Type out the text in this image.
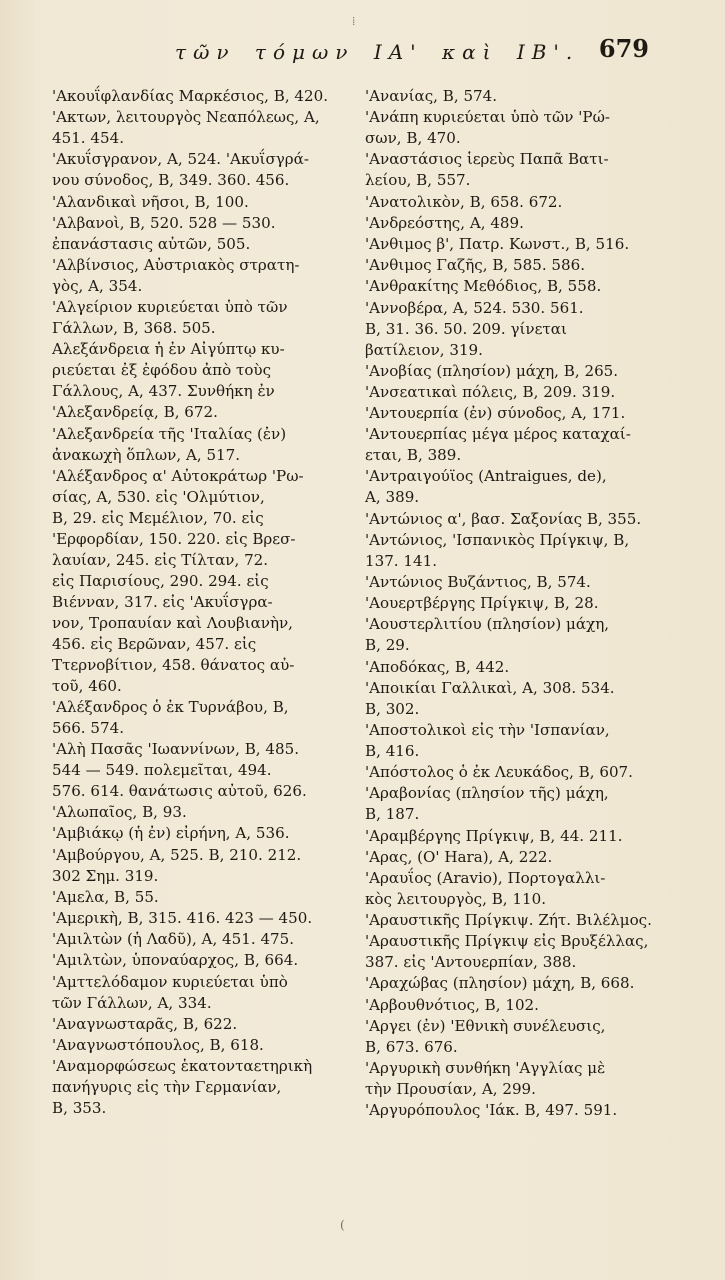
τῶν τόμων ΙΑ' καὶ ΙΒ'. 679
'Ακουΐφλανδίας Μαρκέσιος, Β, 420.
'Ακτων, λειτουργὸς Νεαπόλεως, Α,
451. 454.
'Ακυΐσγρανον, Α, 524. 'Ακυΐσγρά-
νου σύνοδος, Β, 349. 360. 456.
'Αλανδικαὶ νῆσοι, Β, 100.
'Αλβανοὶ, Β, 520. 528 — 530.
ἐπανάστασις αὐτῶν, 505.
'Αλβίνσιος, Αὐστριακὸς στρατη-
γὸς, Α, 354.
'Αλγείριον κυριεύεται ὑπὸ τῶν
Γάλλων, Β, 368. 505.
Αλεξάνδρεια ἡ ἐν Αἰγύπτῳ κυ-
ριεύεται ἐξ ἐφόδου ἀπὸ τοὺς
Γάλλους, Α, 437. Συνθήκη ἐν
'Αλεξανδρείᾳ, Β, 672.
'Αλεξανδρεία τῆς 'Ιταλίας (ἐν)
ἀνακωχὴ ὅπλων, Α, 517.
'Αλέξανδρος α' Αὐτοκράτωρ 'Ρω-
σίας, Α, 530. εἰς 'Ολμύτιον,
Β, 29. εἰς Μεμέλιον, 70. εἰς
'Ερφορδίαν, 150. 220. εἰς Βρεσ-
λαυίαν, 245. εἰς Τίλταν, 72.
εἰς Παρισίους, 290. 294. εἰς
Βιένναν, 317. εἰς 'Ακυΐσγρα-
νον, Τροπαυίαν καὶ Λουβιανὴν,
456. εἰς Βερῶναν, 457. εἰς
Ττερνοβίτιον, 458. θάνατος αὐ-
τοῦ, 460.
'Αλέξανδρος ὁ ἐκ Τυρνάβου, Β,
566. 574.
'Αλὴ Πασᾶς 'Ιωαννίνων, Β, 485.
544 — 549. πολεμεῖται, 494.
576. 614. θανάτωσις αὐτοῦ, 626.
'Αλωπαῖος, Β, 93.
'Αμβιάκῳ (ἡ ἐν) εἰρήνη, Α, 536.
'Αμβούργου, Α, 525. Β, 210. 212.
302 Σημ. 319.
'Αμελα, Β, 55.
'Αμερικὴ, Β, 315. 416. 423 — 450.
'Αμιλτὼν (ἡ Λαδῦ), Α, 451. 475.
'Αμιλτὼν, ὑποναύαρχος, Β, 664.
'Αμττελόδαμον κυριεύεται ὑπὸ
τῶν Γάλλων, Α, 334.
'Αναγνωσταρᾶς, Β, 622.
'Αναγνωστόπουλος, Β, 618.
'Αναμορφώσεως ἑκατονταετηρικὴ
πανήγυρις εἰς τὴν Γερμανίαν,
Β, 353.
'Ανανίας, Β, 574.
'Ανάπη κυριεύεται ὑπὸ τῶν 'Ρώ-
σων, Β, 470.
'Αναστάσιος ἱερεὺς Παπᾶ Βατι-
λείου, Β, 557.
'Ανατολικὸν, Β, 658. 672.
'Ανδρεόστης, Α, 489.
'Ανθιμος β', Πατρ. Κωνστ., Β, 516.
'Ανθιμος Γαζῆς, Β, 585. 586.
'Ανθρακίτης Μεθόδιος, Β, 558.
'Αννοβέρα, Α, 524. 530. 561.
Β, 31. 36. 50. 209. γίνεται
βατίλειον, 319.
'Ανοβίας (πλησίον) μάχη, Β, 265.
'Ανσεατικαὶ πόλεις, Β, 209. 319.
'Αντουερπία (ἐν) σύνοδος, Α, 171.
'Αντουερπίας μέγα μέρος καταχαί-
εται, Β, 389.
'Αντραιγούϊος (Antraigues, de),
Α, 389.
'Αντώνιος α', βασ. Σαξονίας Β, 355.
'Αντώνιος, 'Ισπανικὸς Πρίγκιψ, Β,
137. 141.
'Αντώνιος Βυζάντιος, Β, 574.
'Αουερτβέργης Πρίγκιψ, Β, 28.
'Αουστερλιτίου (πλησίον) μάχη,
Β, 29.
'Αποδόκας, Β, 442.
'Αποικίαι Γαλλικαὶ, Α, 308. 534.
Β, 302.
'Αποστολικοὶ εἰς τὴν 'Ισπανίαν,
Β, 416.
'Απόστολος ὁ ἐκ Λευκάδος, Β, 607.
'Αραβονίας (πλησίον τῆς) μάχη,
Β, 187.
'Αραμβέργης Πρίγκιψ, Β, 44. 211.
'Αρας, (Ο' Hara), Α, 222.
'Αραυΐος (Aravio), Πορτογαλλι-
κὸς λειτουργὸς, Β, 110.
'Αραυστικῆς Πρίγκιψ. Ζήτ. Βιλέλμος.
'Αραυστικῆς Πρίγκιψ εἰς Βρυξέλλας,
387. εἰς 'Αντουερπίαν, 388.
'Αραχώβας (πλησίον) μάχη, Β, 668.
'Αρβουθνότιος, Β, 102.
'Αργει (ἐν) 'Εθνικὴ συνέλευσις,
Β, 673. 676.
'Αργυρικὴ συνθήκη 'Αγγλίας μὲ
τὴν Προυσίαν, Α, 299.
'Αργυρόπουλος 'Ιάκ. Β, 497. 591.
⁞
(
